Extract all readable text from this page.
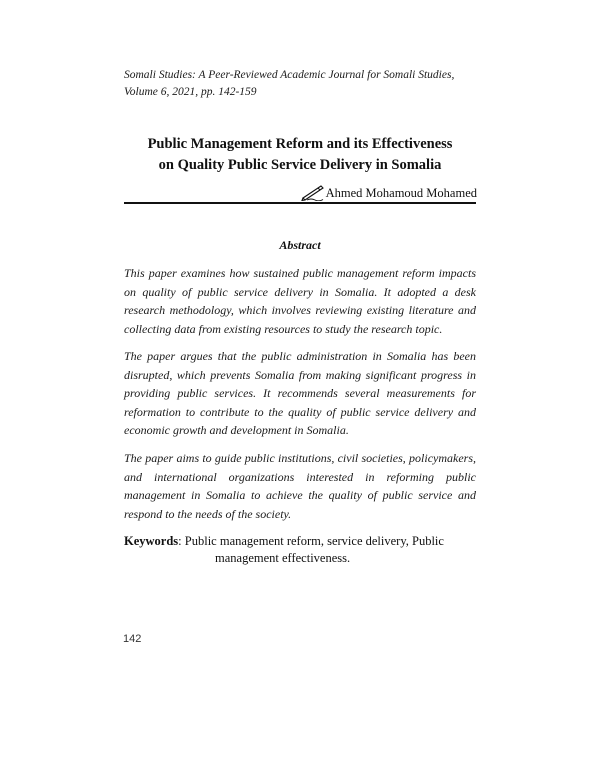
Somali Studies: A Peer-Reviewed Academic Journal for Somali Studies,
Volume 6, 2021, pp. 142-159
Public Management Reform and its Effectiveness
on Quality Public Service Delivery in Somalia
Ahmed Mohamoud Mohamed
Abstract
This paper examines how sustained public management reform impacts on quality of public service delivery in Somalia. It adopted a desk research methodology, which involves reviewing existing literature and collecting data from existing resources to study the research topic.
The paper argues that the public administration in Somalia has been disrupted, which prevents Somalia from making significant progress in providing public services. It recommends several measurements for reformation to contribute to the quality of public service delivery and economic growth and development in Somalia.
The paper aims to guide public institutions, civil societies, policymakers, and international organizations interested in reforming public management in Somalia to achieve the quality of public service and respond to the needs of the society.
Keywords: Public management reform, service delivery, Public
management effectiveness.
142
